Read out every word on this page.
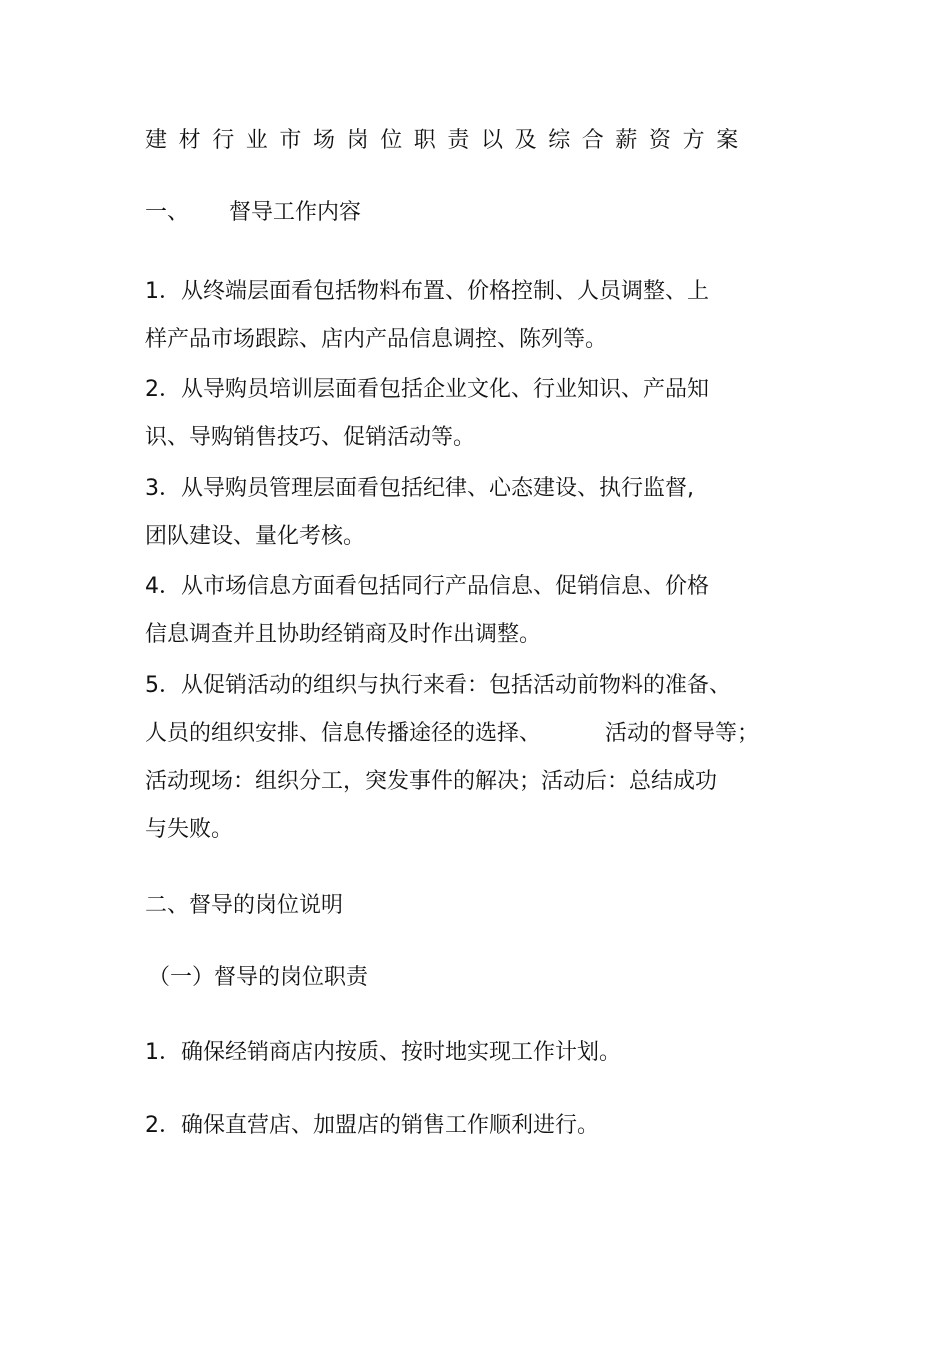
建材行业市场岗位职责以及综合薪资方案
一、 督导工作内容
1．从终端层面看包括物料布置、价格控制、人员调整、上
样产品市场跟踪、店内产品信息调控、陈列等。
2．从导购员培训层面看包括企业文化、行业知识、产品知
识、导购销售技巧、促销活动等。
3．从导购员管理层面看包括纪律、心态建设、执行监督,
团队建设、量化考核。
4．从市场信息方面看包括同行产品信息、促销信息、价格
信息调查并且协助经销商及时作出调整。
5．从促销活动的组织与执行来看：包括活动前物料的准备、
人员的组织安排、信息传播途径的选择、	活动的督导等；
活动现场：组织分工，突发事件的解决；活动后：总结成功
与失败。
二、督导的岗位说明
（一）督导的岗位职责
1．确保经销商店内按质、按时地实现工作计划。
2．确保直营店、加盟店的销售工作顺利进行。
